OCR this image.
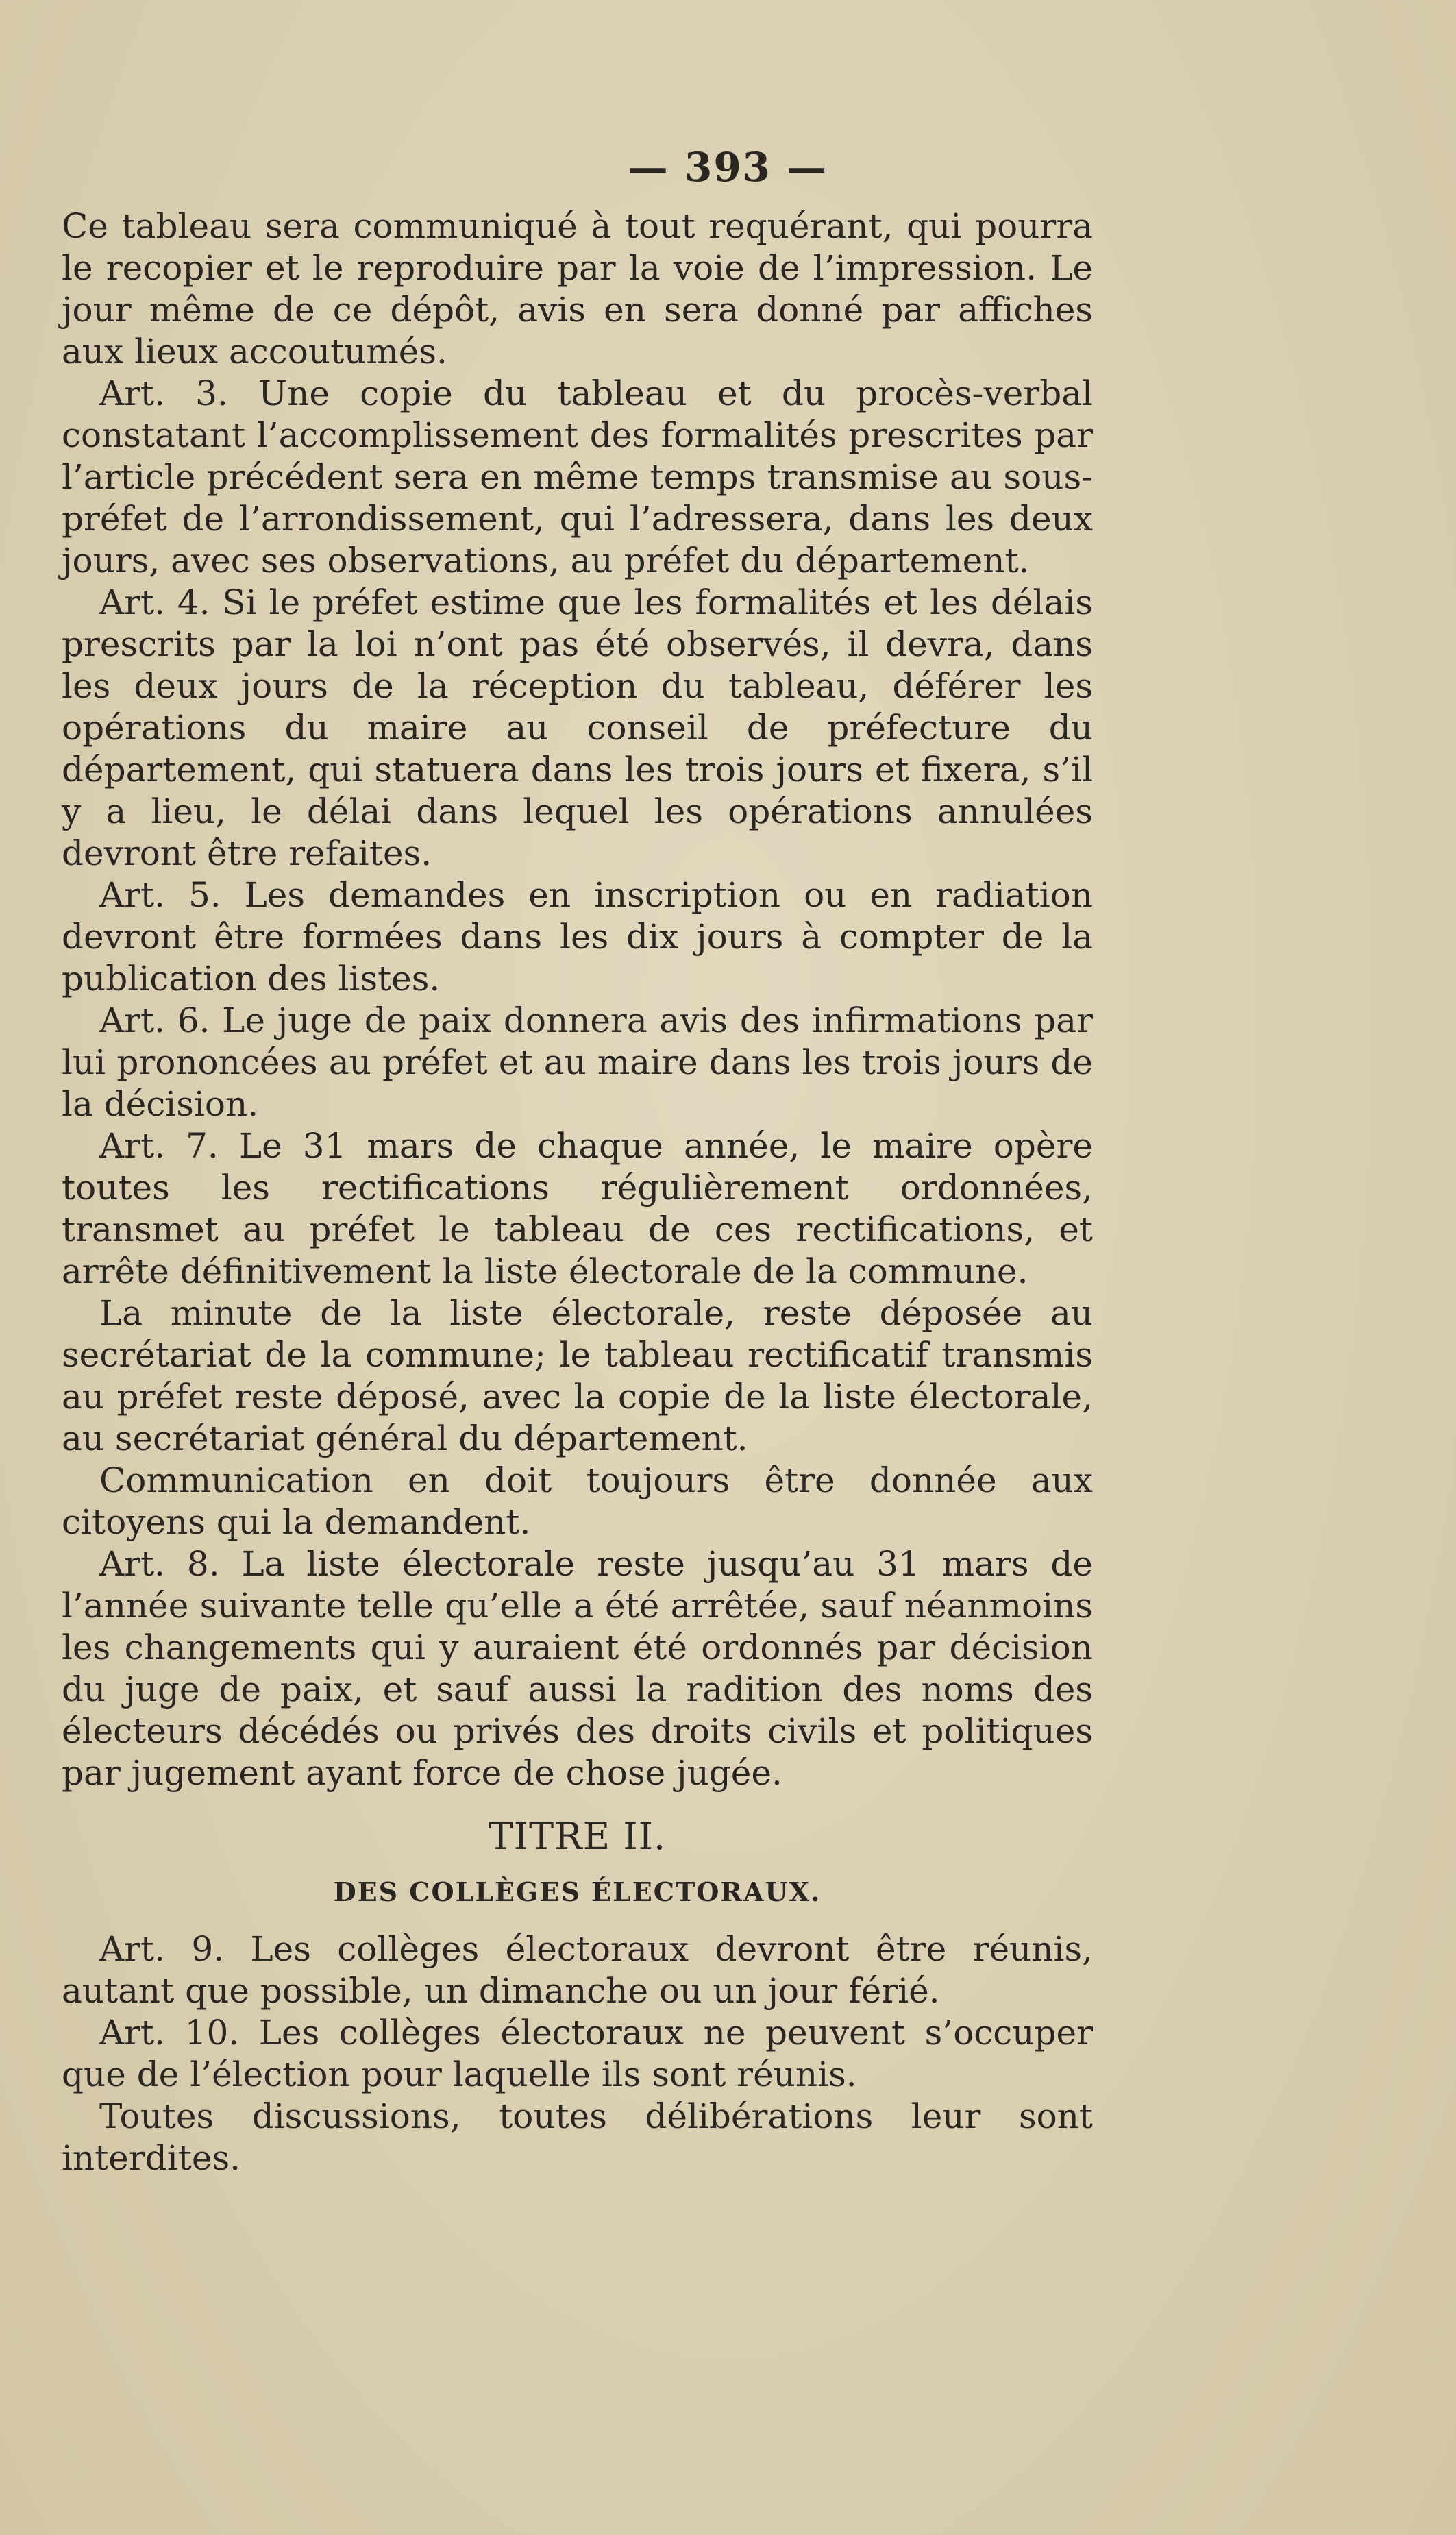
— 393 —

Ce tableau sera communiqué à tout requérant, qui pourra le recopier et le reproduire par la voie de l’impression. Le jour même de ce dépôt, avis en sera donné par affiches aux lieux accoutumés.

Art. 3. Une copie du tableau et du procès-verbal constatant l’accomplissement des formalités prescrites par l’article précédent sera en même temps transmise au sous-préfet de l’arrondissement, qui l’adressera, dans les deux jours, avec ses observations, au préfet du département.

Art. 4. Si le préfet estime que les formalités et les délais prescrits par la loi n’ont pas été observés, il devra, dans les deux jours de la réception du tableau, déférer les opérations du maire au conseil de préfecture du département, qui statuera dans les trois jours et fixera, s’il y a lieu, le délai dans lequel les opérations annulées devront être refaites.

Art. 5. Les demandes en inscription ou en radiation devront être formées dans les dix jours à compter de la publication des listes.

Art. 6. Le juge de paix donnera avis des infirmations par lui prononcées au préfet et au maire dans les trois jours de la décision.

Art. 7. Le 31 mars de chaque année, le maire opère toutes les rectifications régulièrement ordonnées, transmet au préfet le tableau de ces rectifications, et arrête définitivement la liste électorale de la commune.

La minute de la liste électorale, reste déposée au secrétariat de la commune; le tableau rectificatif transmis au préfet reste déposé, avec la copie de la liste électorale, au secrétariat général du département.

Communication en doit toujours être donnée aux citoyens qui la demandent.

Art. 8. La liste électorale reste jusqu’au 31 mars de l’année suivante telle qu’elle a été arrêtée, sauf néanmoins les changements qui y auraient été ordonnés par décision du juge de paix, et sauf aussi la radition des noms des électeurs décédés ou privés des droits civils et politiques par jugement ayant force de chose jugée.

TITRE II.
DES COLLÈGES ÉLECTORAUX.

Art. 9. Les collèges électoraux devront être réunis, autant que possible, un dimanche ou un jour férié.

Art. 10. Les collèges électoraux ne peuvent s’occuper que de l’élection pour laquelle ils sont réunis.

Toutes discussions, toutes délibérations leur sont interdites.
